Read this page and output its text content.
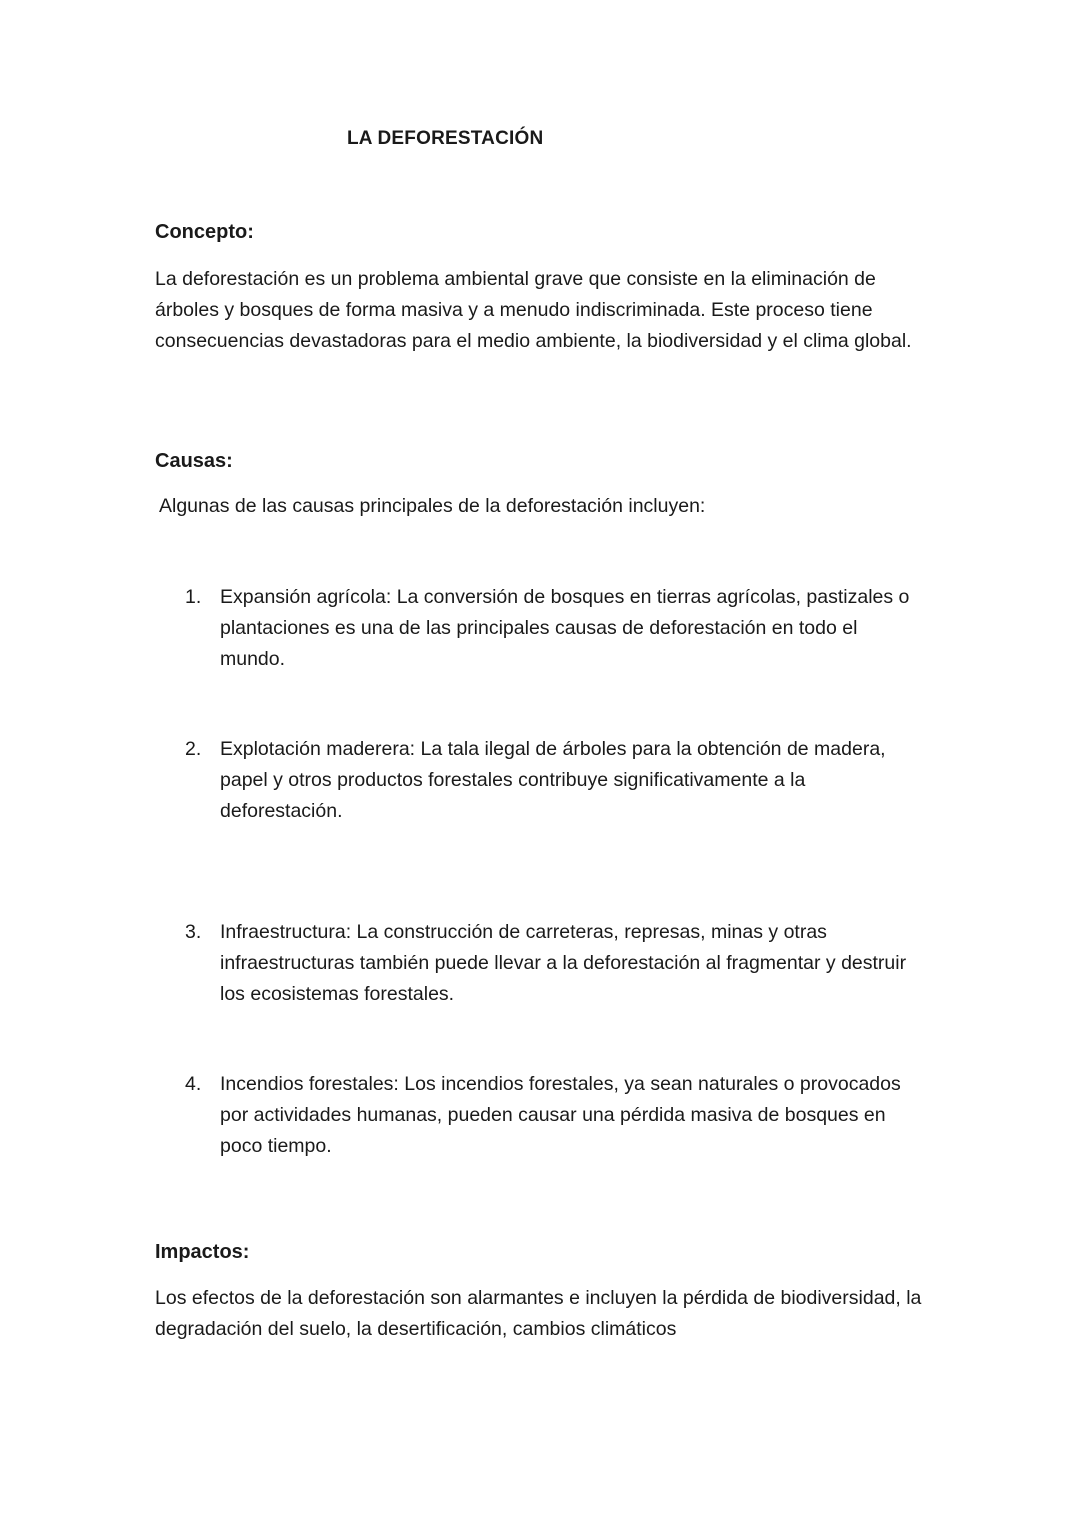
LA DEFORESTACIÓN
Concepto:

La deforestación es un problema ambiental grave que consiste en la eliminación de árboles y bosques de forma masiva y a menudo indiscriminada. Este proceso tiene consecuencias devastadoras para el medio ambiente, la biodiversidad y el clima global.

Causas:

Algunas de las causas principales de la deforestación incluyen:

1. Expansión agrícola: La conversión de bosques en tierras agrícolas, pastizales o plantaciones es una de las principales causas de deforestación en todo el mundo.
2. Explotación maderera: La tala ilegal de árboles para la obtención de madera, papel y otros productos forestales contribuye significativamente a la deforestación.
3. Infraestructura: La construcción de carreteras, represas, minas y otras infraestructuras también puede llevar a la deforestación al fragmentar y destruir los ecosistemas forestales.
4. Incendios forestales: Los incendios forestales, ya sean naturales o provocados por actividades humanas, pueden causar una pérdida masiva de bosques en poco tiempo.
Impactos:

Los efectos de la deforestación son alarmantes e incluyen la pérdida de biodiversidad, la degradación del suelo, la desertificación, cambios climáticos
